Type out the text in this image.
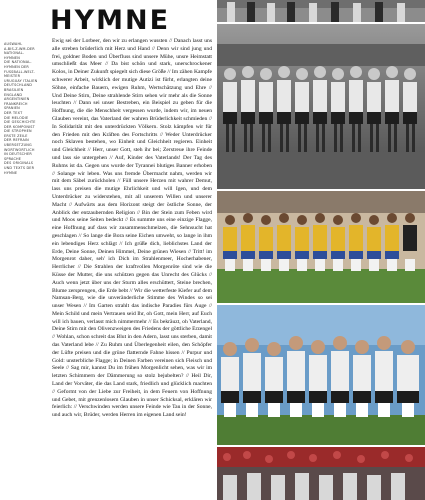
HYMNE
AUSWAHL
A-BIS-Z-WM-DER
NATIONAL-
HYMNEN
DIE NATIONAL-
HYMNEN DER
FUSSBALL-WELT-
MEISTER
URUGUAY ITALIEN
DEUTSCHLAND
BRASILIEN
ENGLAND
ARGENTINIEN
FRANKREICH
SPANIEN
DER TEXT
DIE MELODIE
DIE GESCHICHTE
DER KOMPONIST
DIE STROPHEN
ERSTE ZEILE
DER REFRAIN
ÜBERSETZUNG
WORTWÖRTLICH
IN DEUTSCHER
SPRACHE
DES ORIGINALS
UND TEXTS DER
HYMNE
Ewig sei der Lorbeer, den wir zu erlangen wussten // Danach lasst uns alle streben brüderlich mit Herz und Hand // Denn wir sind jung und frei, goldner Boden und Überfluss sind unsere Mühe, unsre Heimstatt umschließt das Meer // Da bist schön und stark, unerschrockener Kolos, in Deiner Zukunft spiegelt sich diese Größe // Im zähen Kampfe schwerer Arbeit, wirklich der mutige Autizi ist fürht, erlangten deine Söhne, einfache Bauern, ewigen Ruhm, Wertschätzung und Ehre // Und Deine Stirn, Deine strahlende Stirn sehen wir mehr als die Sonne leuchten // Dann sei unser Bestreben, ein Beispiel zu geben für die Hoffnung, die die Menschheit vergessen wurde, indem wir, im neuen Glauben vereint, das Vaterland der wahren Brüderlichkeit schmieden // In Solidarität mit den unterdrückten Völkern. Stolz kämpfen wir für den Frieden mit den Kräften des Fortschritts // Weder Unterdrücker noch Sklaven bestehen, wo Einheit und Gleichheit regieren. Einheit und Gleichheit // Herr, unser Gott, steh ihr bei; Zerstreue ihre Feinde und lass sie untergehen // Auf, Kinder des Vaterlands! Der Tag des Ruhms ist da. Gegen uns wurde der Tyrannei blutiges Banner erhoben // Solange wir leben. Was uns fremde Übermacht nahm, werden wir mit dem Säbel zurückholen // Füll unsere Herzen mit wahrer Demut, lass uns preisen die mutige Ehrlichkeit und will Igen, und dem Unterdrücker zu widerstehen, mit all unserem Willen und unserer Macht // Aufwärts aus dem Horizont steigt der östliche Sonne, der Anblick der entzaubernden Religion // Bin der Stein zum Feben wird und Moos seine Seiten bedeckt // Es summte uns eine einzige Flagge, eine Hoffnung auf dass wir zusammenschmelzen, die Sehnsucht hat geschlagen // So lange die Bora seine Eichen umweht, so lange in ihm ein lebendiges Herz schlägt // Ich grüße dich, lieblichstes Land der Erde, Deine Sonne, Deinen Himmel, Deine grünen Wiesen // Tritt! im Morgenrot daher, seh' ich Dich im Strahlenmeer, Hocherhabener, Herrlicher // Die Strahlen der kraftvollen Morgenröte sind wie die Küsse der Mutter, die uns schützen gegen das Unrecht des Glücks // Auch wenn jetzt über uns der Sturm alles erschüttert, Steine brechen, Blume zersprengen, die Erde bebt // Wir die wetterfeste Kiefer auf dem Namsan-Berg, wie die unveränderliche Stimme des Windes so sei unser Wesen // Im Garten strahlt das indische Paradies fürs Auge // Mein Schild und mein Vertrauen seid Ihr, oh Gott, mein Herr, auf Euch will ich bauen, verlasst mich nimmermehr // Es bekräuzt, oh Vaterland, Deine Stirn mit den Olivenzweigen des Friedens der göttliche Erzengel // Wohlan, schon schreit das Blut in den Adern, lasst uns sterben, damit das Vaterland lebe // Zu Ruhm und Überlegenheit eilen, den Schöpfer der Lüfte preisen und die grüne flatternde Fahne hissen // Purpur und Gold: unsterbliche Flagge; in Deinen Farben vereinen sich Fleisch und Seele // Sag mir, kannst Du im frühen Morgenlicht sehen, was wir im letzten Schimmern der Dämmerung so stolz bejubelten? // Heil Dir, Land der Vorväter, die das Land stark, friedlich und glücklich machten // Geformt von der Liebe zur Freiheit, in dem Feuern von Hoffnung und Gebet, mit grenzenlosem Glauben in unser Schicksal, erklären wir feierlich: // Verschwinden werden unsere Feinde wie Tau in der Sonne, und auch wir, Brüder, werden Herren im eigenen Land sein!
